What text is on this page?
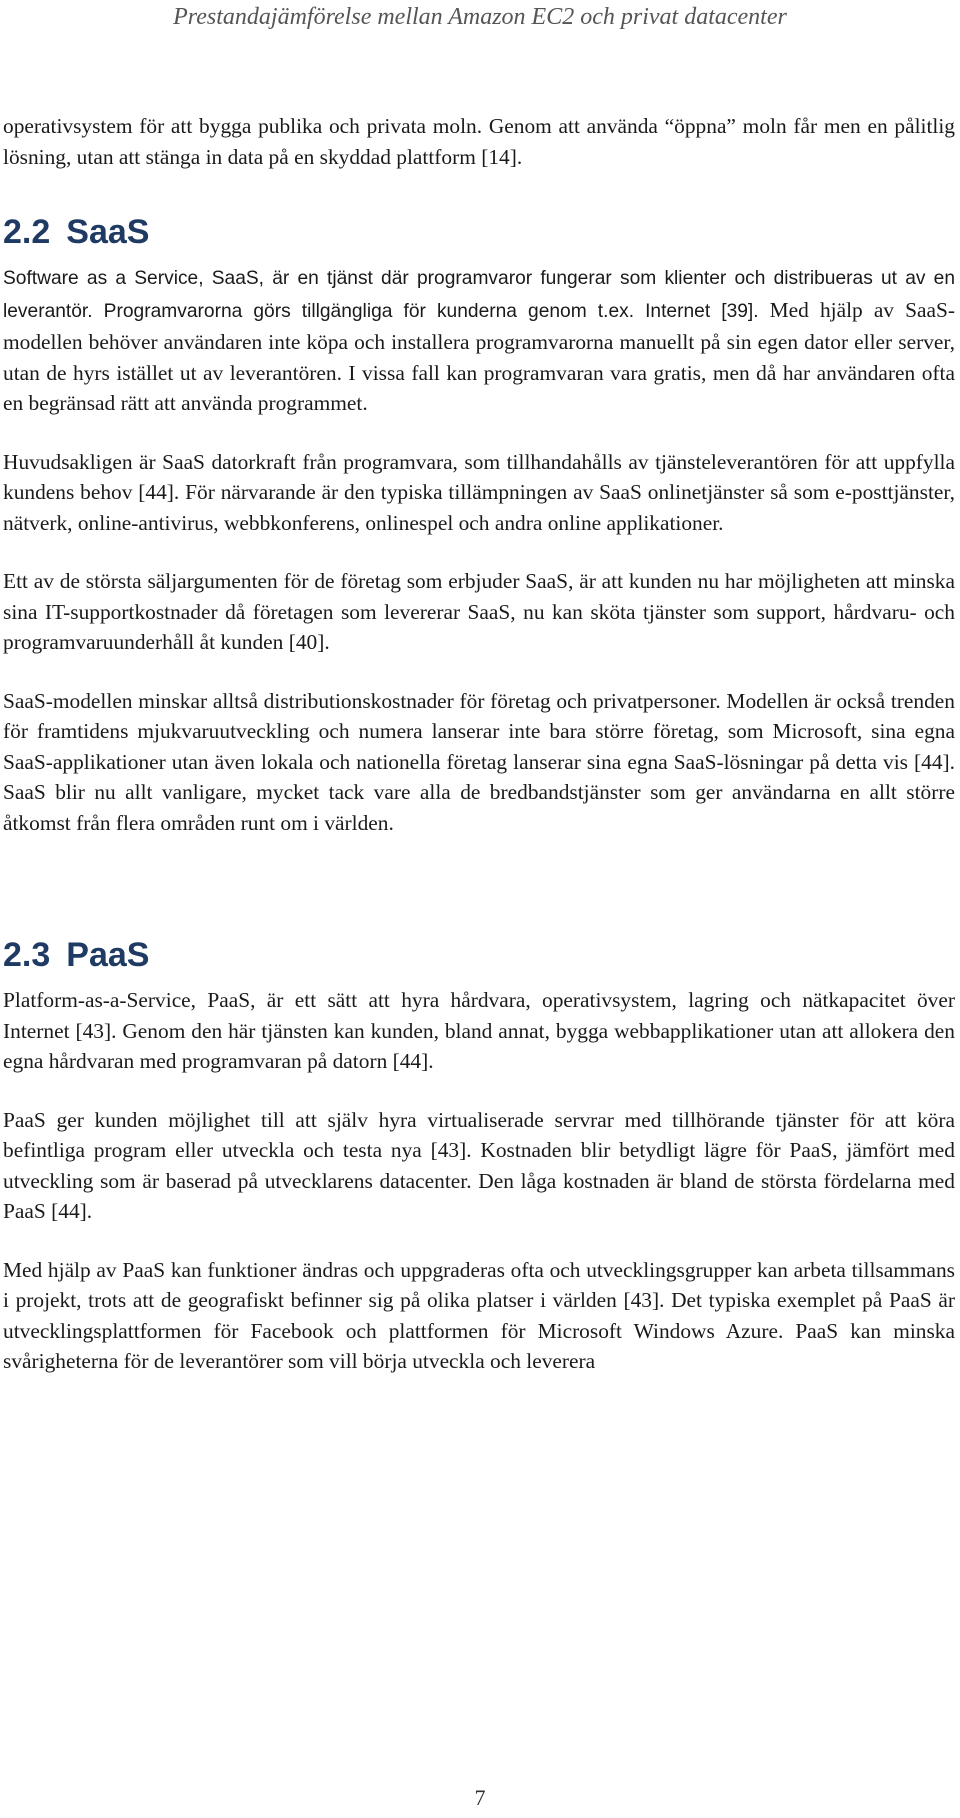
Prestandajämförelse mellan Amazon EC2 och privat datacenter

operativsystem för att bygga publika och privata moln. Genom att använda “öppna” moln får men en pålitlig lösning, utan att stänga in data på en skyddad plattform [14].

2.2 SaaS

Software as a Service, SaaS, är en tjänst där programvaror fungerar som klienter och distribueras ut av en leverantör. Programvarorna görs tillgängliga för kunderna genom t.ex. Internet [39]. Med hjälp av SaaS-modellen behöver användaren inte köpa och installera programvarorna manuellt på sin egen dator eller server, utan de hyrs istället ut av leverantören. I vissa fall kan programvaran vara gratis, men då har användaren ofta en begränsad rätt att använda programmet.

Huvudsakligen är SaaS datorkraft från programvara, som tillhandahålls av tjänsteleverantören för att uppfylla kundens behov [44]. För närvarande är den typiska tillämpningen av SaaS onlinetjänster så som e-posttjänster, nätverk, online-antivirus, webbkonferens, onlinespel och andra online applikationer.

Ett av de största säljargumenten för de företag som erbjuder SaaS, är att kunden nu har möjligheten att minska sina IT-supportkostnader då företagen som levererar SaaS, nu kan sköta tjänster som support, hårdvaru- och programvaruunderhåll åt kunden [40].

SaaS-modellen minskar alltså distributionskostnader för företag och privatpersoner. Modellen är också trenden för framtidens mjukvaruutveckling och numera lanserar inte bara större företag, som Microsoft, sina egna SaaS-applikationer utan även lokala och nationella företag lanserar sina egna SaaS-lösningar på detta vis [44]. SaaS blir nu allt vanligare, mycket tack vare alla de bredbandstjänster som ger användarna en allt större åtkomst från flera områden runt om i världen.

2.3 PaaS

Platform-as-a-Service, PaaS, är ett sätt att hyra hårdvara, operativsystem, lagring och nätkapacitet över Internet [43]. Genom den här tjänsten kan kunden, bland annat, bygga webbapplikationer utan att allokera den egna hårdvaran med programvaran på datorn [44].

PaaS ger kunden möjlighet till att själv hyra virtualiserade servrar med tillhörande tjänster för att köra befintliga program eller utveckla och testa nya [43]. Kostnaden blir betydligt lägre för PaaS, jämfört med utveckling som är baserad på utvecklarens datacenter. Den låga kostnaden är bland de största fördelarna med PaaS [44].

Med hjälp av PaaS kan funktioner ändras och uppgraderas ofta och utvecklingsgrupper kan arbeta tillsammans i projekt, trots att de geografiskt befinner sig på olika platser i världen [43]. Det typiska exemplet på PaaS är utvecklingsplattformen för Facebook och plattformen för Microsoft Windows Azure. PaaS kan minska svårigheterna för de leverantörer som vill börja utveckla och leverera

7
